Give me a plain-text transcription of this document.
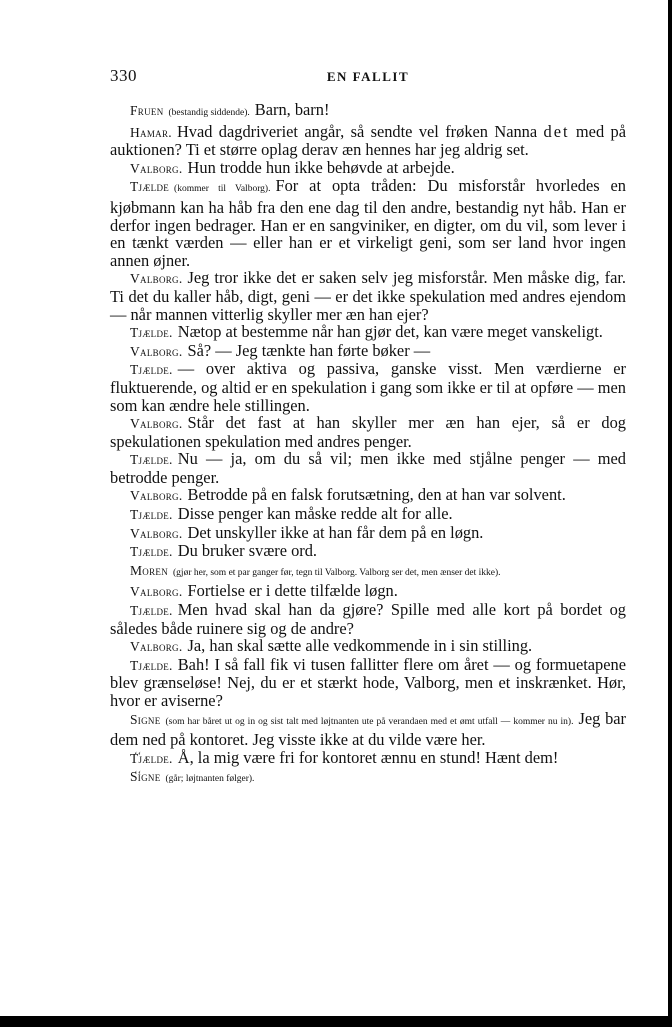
330	EN FALLIT

Fruen (bestandig siddende). Barn, barn!

Hamar. Hvad dagdriveriet angår, så sendte vel frøken Nanna det med på auktionen? Ti et større oplag derav æn hennes har jeg aldrig set.

Valborg. Hun trodde hun ikke behøvde at arbejde.

Tjælde (kommer til Valborg). For at opta tråden: Du misforstår hvorledes en kjøbmann kan ha håb fra den ene dag til den andre, bestandig nyt håb. Han er derfor ingen bedrager. Han er en sangviniker, en digter, om du vil, som lever i en tænkt værden — eller han er et virkeligt geni, som ser land hvor ingen annen øjner.

Valborg. Jeg tror ikke det er saken selv jeg misforstår. Men måske dig, far. Ti det du kaller håb, digt, geni — er det ikke spekulation med andres ejendom — når mannen vitterlig skyller mer æn han ejer?

Tjælde. Nætop at bestemme når han gjør det, kan være meget vanskeligt.

Valborg. Så? — Jeg tænkte han førte bøker —

Tjælde. — over aktiva og passiva, ganske visst. Men værdierne er fluktuerende, og altid er en spekulation i gang som ikke er til at opføre — men som kan ændre hele stillingen.

Valborg. Står det fast at han skyller mer æn han ejer, så er dog spekulationen spekulation med andres penger.

Tjælde. Nu — ja, om du så vil; men ikke med stjålne penger — med betrodde penger.

Valborg. Betrodde på en falsk forutsætning, den at han var solvent.

Tjælde. Disse penger kan måske redde alt for alle.

Valborg. Det unskyller ikke at han får dem på en løgn.

Tjælde. Du bruker svære ord.

Moren (gjør her, som et par ganger før, tegn til Valborg. Valborg ser det, men ænser det ikke).

Valborg. Fortielse er i dette tilfælde løgn.

Tjælde. Men hvad skal han da gjøre? Spille med alle kort på bordet og således både ruinere sig og de andre?

Valborg. Ja, han skal sætte alle vedkommende in i sin stilling.

Tjælde. Bah! I så fall fik vi tusen fallitter flere om året — og formuetapene blev grænseløse! Nej, du er et stærkt hode, Valborg, men et inskrænket. Hør, hvor er aviserne?

Signe (som har båret ut og in og sist talt med løjtnanten ute på verandaen med et ømt utfall — kommer nu in). Jeg bar dem ned på kontoret. Jeg visste ikke at du vilde være her.

ʻʻTjælde. Å, la mig være fri for kontoret ænnu en stund! Hænt dem!

ʻʻSigne (går; løjtnanten følger).
